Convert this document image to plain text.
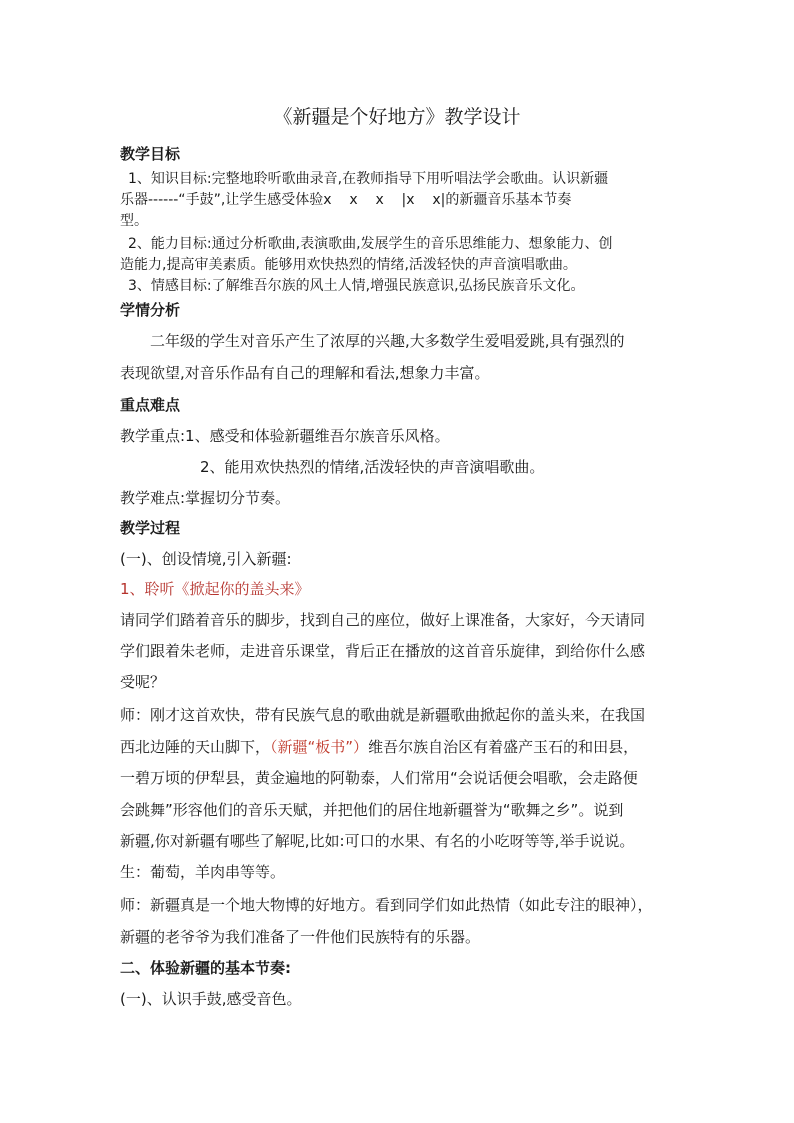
《新疆是个好地方》教学设计
教学目标
1、知识目标:完整地聆听歌曲录音,在教师指导下用听唱法学会歌曲。认识新疆
乐器------“手鼓”,让学生感受体验x    x    x    |x    x|的新疆音乐基本节奏
型。
2、能力目标:通过分析歌曲,表演歌曲,发展学生的音乐思维能力、想象能力、创
造能力,提高审美素质。能够用欢快热烈的情绪,活泼轻快的声音演唱歌曲。
3、情感目标:了解维吾尔族的风土人情,增强民族意识,弘扬民族音乐文化。
学情分析
二年级的学生对音乐产生了浓厚的兴趣,大多数学生爱唱爱跳,具有强烈的
表现欲望,对音乐作品有自己的理解和看法,想象力丰富。
重点难点
教学重点:1、感受和体验新疆维吾尔族音乐风格。
2、能用欢快热烈的情绪,活泼轻快的声音演唱歌曲。
教学难点:掌握切分节奏。
教学过程
(一)、创设情境,引入新疆:
1、聆听《掀起你的盖头来》
请同学们踏着音乐的脚步，找到自己的座位，做好上课准备，大家好，今天请同
学们跟着朱老师，走进音乐课堂，背后正在播放的这首音乐旋律，到给你什么感
受呢？
师：刚才这首欢快，带有民族气息的歌曲就是新疆歌曲掀起你的盖头来，在我国
西北边陲的天山脚下，（新疆“板书”）维吾尔族自治区有着盛产玉石的和田县，
一碧万顷的伊犁县，黄金遍地的阿勒泰，人们常用“会说话便会唱歌，会走路便
会跳舞”形容他们的音乐天赋，并把他们的居住地新疆誉为“歌舞之乡”。说到
新疆,你对新疆有哪些了解呢,比如:可口的水果、有名的小吃呀等等,举手说说。
生：葡萄，羊肉串等等。
师：新疆真是一个地大物博的好地方。看到同学们如此热情（如此专注的眼神），
新疆的老爷爷为我们准备了一件他们民族特有的乐器。
二、体验新疆的基本节奏:
(一)、认识手鼓,感受音色。
